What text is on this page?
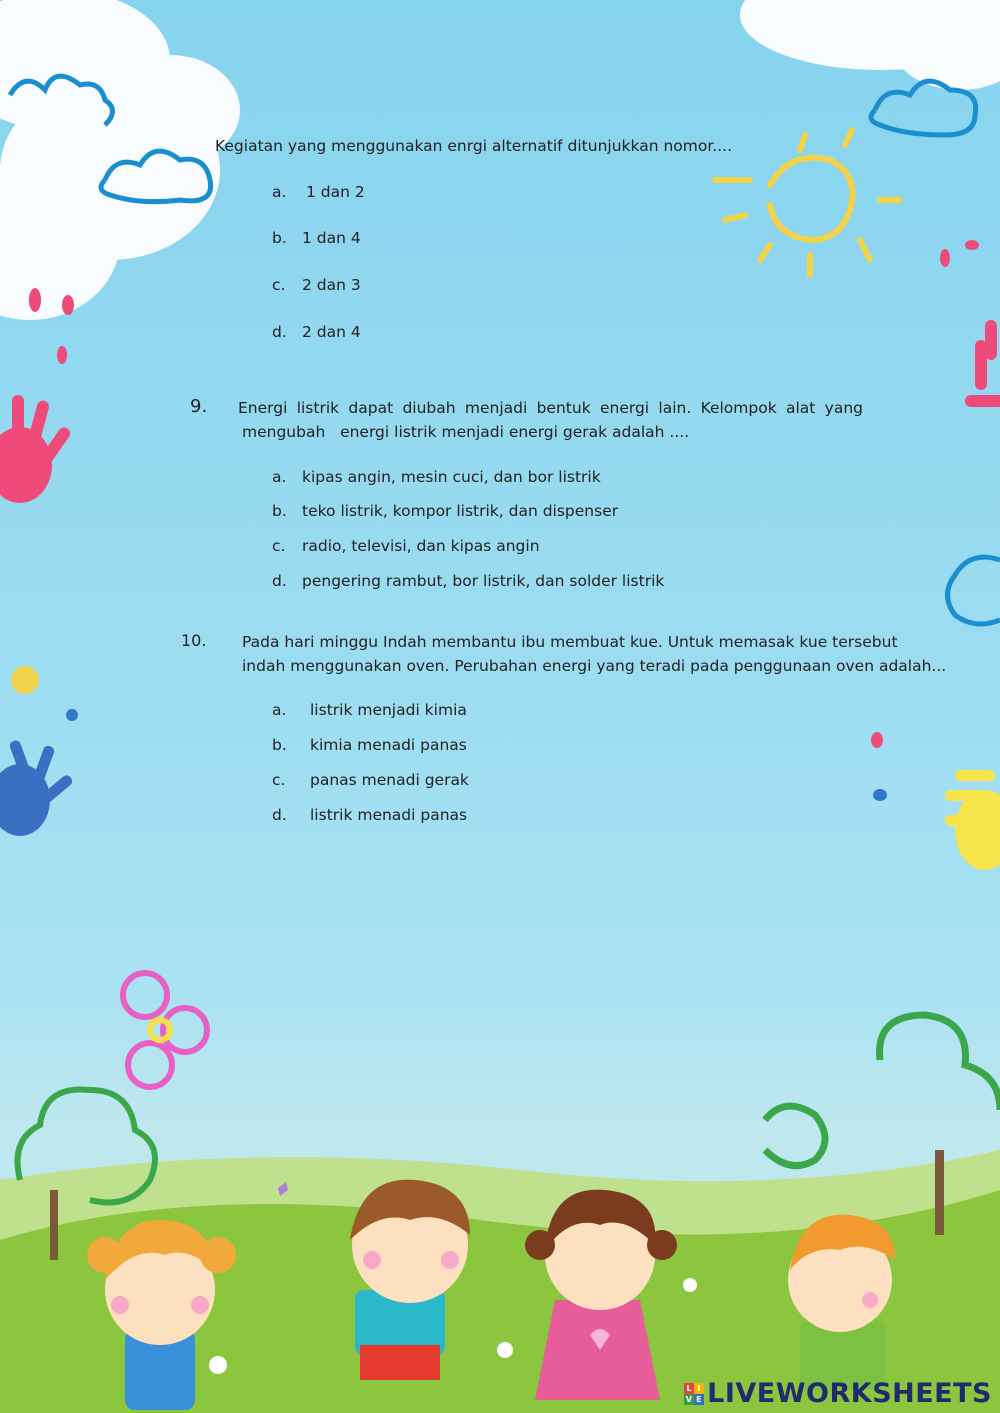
Kegiatan yang menggunakan enrgi alternatif ditunjukkan nomor....
a. 1 dan 2
b. 1 dan 4
c. 2 dan 3
d. 2 dan 4
9. Energi listrik dapat diubah menjadi bentuk energi lain. Kelompok alat yang
mengubah   energi listrik menjadi energi gerak adalah ....
a. kipas angin, mesin cuci, dan bor listrik
b. teko listrik, kompor listrik, dan dispenser
c. radio, televisi, dan kipas angin
d. pengering rambut, bor listrik, dan solder listrik
10. Pada hari minggu Indah membantu ibu membuat kue. Untuk memasak kue tersebut
indah menggunakan oven. Perubahan energi yang teradi pada penggunaan oven adalah...
a. listrik menjadi kimia
b. kimia menadi panas
c. panas menadi gerak
d. listrik menadi panas
L I
V E LIVEWORKSHEETS
